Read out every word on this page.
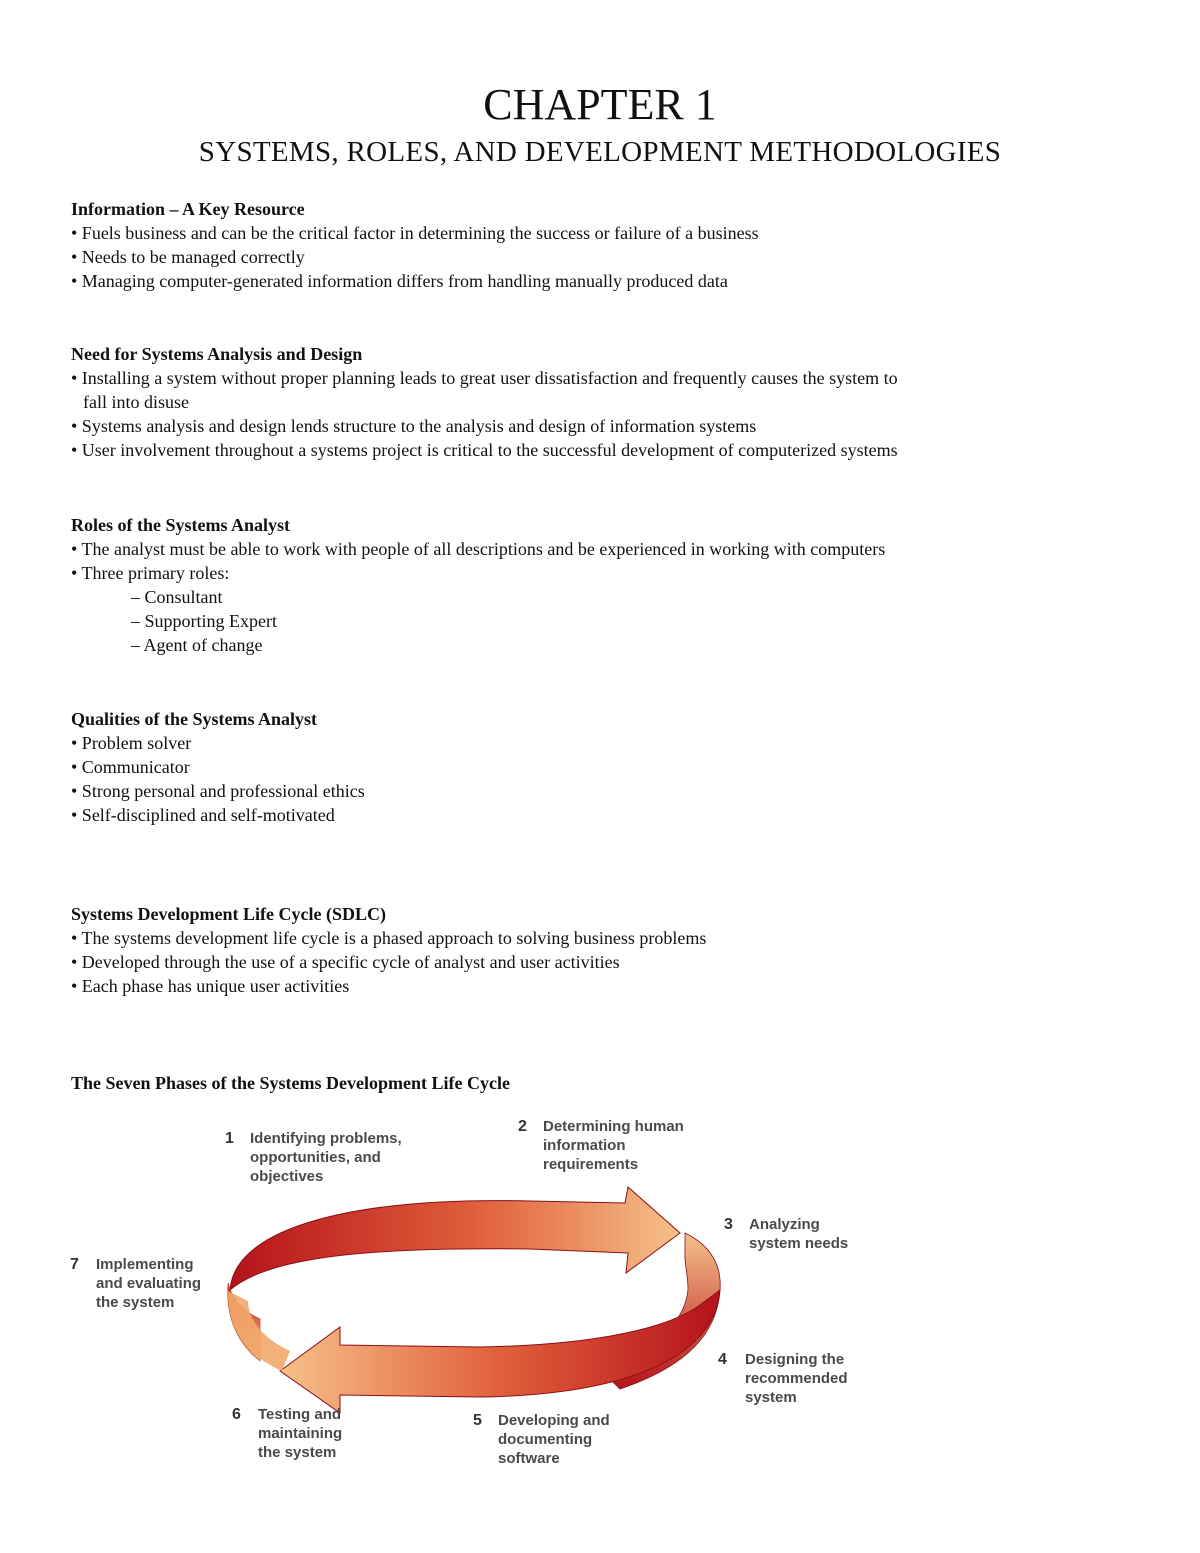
CHAPTER 1
SYSTEMS, ROLES, AND DEVELOPMENT METHODOLOGIES
Information – A Key Resource
• Fuels business and can be the critical factor in determining the success or failure of a business
• Needs to be managed correctly
• Managing computer-generated information differs from handling manually produced data
Need for Systems Analysis and Design
• Installing a system without proper planning leads to great user dissatisfaction and frequently causes the system to
fall into disuse
• Systems analysis and design lends structure to the analysis and design of information systems
• User involvement throughout a systems project is critical to the successful development of computerized systems
Roles of the Systems Analyst
• The analyst must be able to work with people of all descriptions and be experienced in working with computers
• Three primary roles:
– Consultant
– Supporting Expert
– Agent of change
Qualities of the Systems Analyst
• Problem solver
• Communicator
• Strong personal and professional ethics
• Self-disciplined and self-motivated
Systems Development Life Cycle (SDLC)
• The systems development life cycle is a phased approach to solving business problems
• Developed through the use of a specific cycle of analyst and user activities
• Each phase has unique user activities
The Seven Phases of the Systems Development Life Cycle
1 Identifying problems,
opportunities, and
objectives
2 Determining human
information
requirements
3 Analyzing
system needs
4 Designing the
recommended
system
5 Developing and
documenting
software
6 Testing and
maintaining
the system
7 Implementing
and evaluating
the system
